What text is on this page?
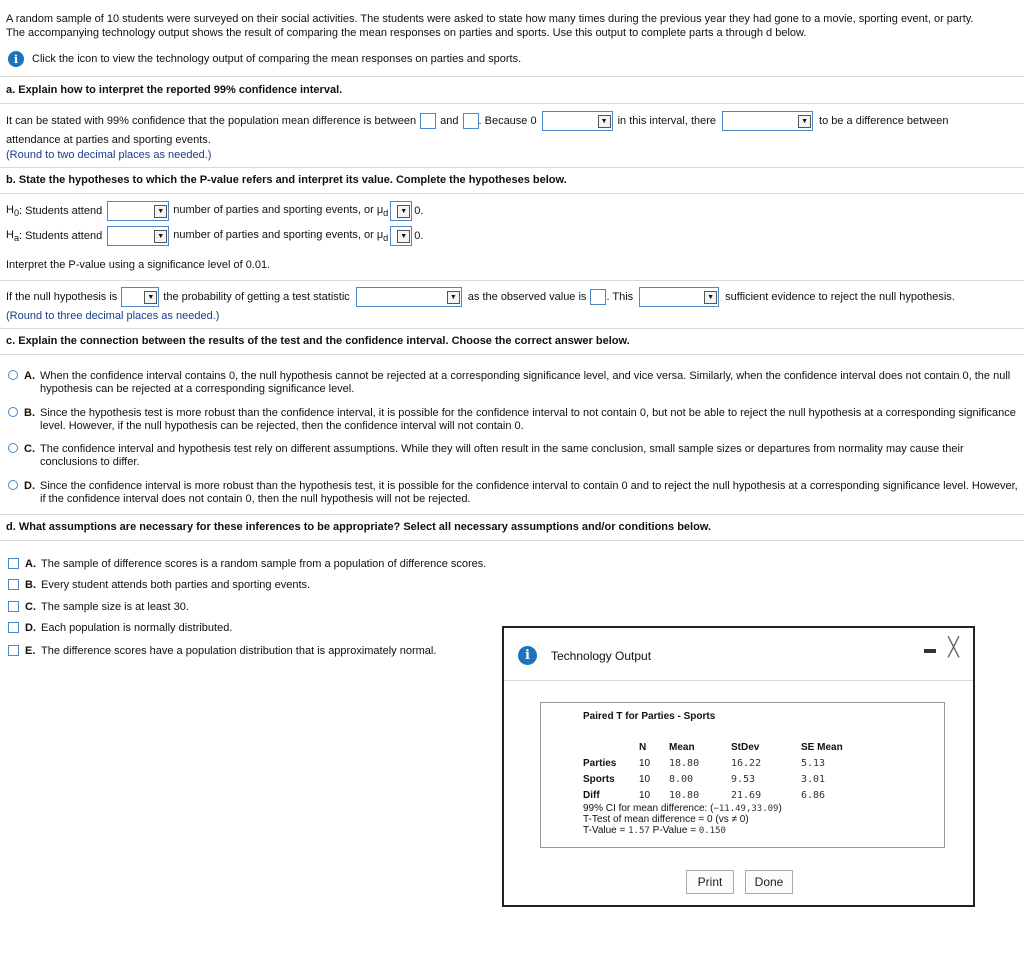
A random sample of 10 students were surveyed on their social activities. The students were asked to state how many times during the previous year they had gone to a movie, sporting event, or party.
The accompanying technology output shows the result of comparing the mean responses on parties and sports. Use this output to complete parts a through d below.
i	Click the icon to view the technology output of comparing the mean responses on parties and sports.
a. Explain how to interpret the reported 99% confidence interval.
It can be stated with 99% confidence that the population mean difference is between and . Because 0	▼ in this interval, there	▼ to be a difference between
attendance at parties and sporting events.
(Round to two decimal places as needed.)
b. State the hypotheses to which the P-value refers and interpret its value. Complete the hypotheses below.
$H_0$ : Students attend	▼ number of parties and sporting events, or $\mu_d$	▼ 0.
$H_a$ : Students attend	▼ number of parties and sporting events, or $\mu_d$	▼ 0.
Interpret the P-value using a significance level of 0.01.
If the null hypothesis is	▼ the probability of getting a test statistic	▼ as the observed value is . This	▼ sufficient evidence to reject the null hypothesis.
(Round to three decimal places as needed.)
c. Explain the connection between the results of the test and the confidence interval. Choose the correct answer below.
A. When the confidence interval contains 0, the null hypothesis cannot be rejected at a corresponding significance level, and vice versa. Similarly, when the confidence interval does not contain 0, the null hypothesis can be rejected at a corresponding significance level.
B. Since the hypothesis test is more robust than the confidence interval, it is possible for the confidence interval to not contain 0, but not be able to reject the null hypothesis at a corresponding significance level. However, if the null hypothesis can be rejected, then the confidence interval will not contain 0.
C. The confidence interval and hypothesis test rely on different assumptions. While they will often result in the same conclusion, small sample sizes or departures from normality may cause their conclusions to differ.
D. Since the confidence interval is more robust than the hypothesis test, it is possible for the confidence interval to contain 0 and to reject the null hypothesis at a corresponding significance level. However, if the confidence interval does not contain 0, then the null hypothesis will not be rejected.
d. What assumptions are necessary for these inferences to be appropriate? Select all necessary assumptions and/or conditions below.
A. The sample of difference scores is a random sample from a population of difference scores.
B. Every student attends both parties and sporting events.
C. The sample size is at least 30.
D. Each population is normally distributed.
E. The difference scores have a population distribution that is approximately normal.	i	Technology Output	╳
Paired T for Parties - Sports
	N	Mean	StDev	SE Mean
Parties	10	18.80	16.22	5.13
Sports	10	8.00	9.53	3.01
Diff	10	10.80	21.69	6.86
99% CI for mean difference: (−11.49,33.09)
T-Test of mean difference = 0 (vs ≠ 0)
T-Value = 1.57 P-Value = 0.150
Print	Done
